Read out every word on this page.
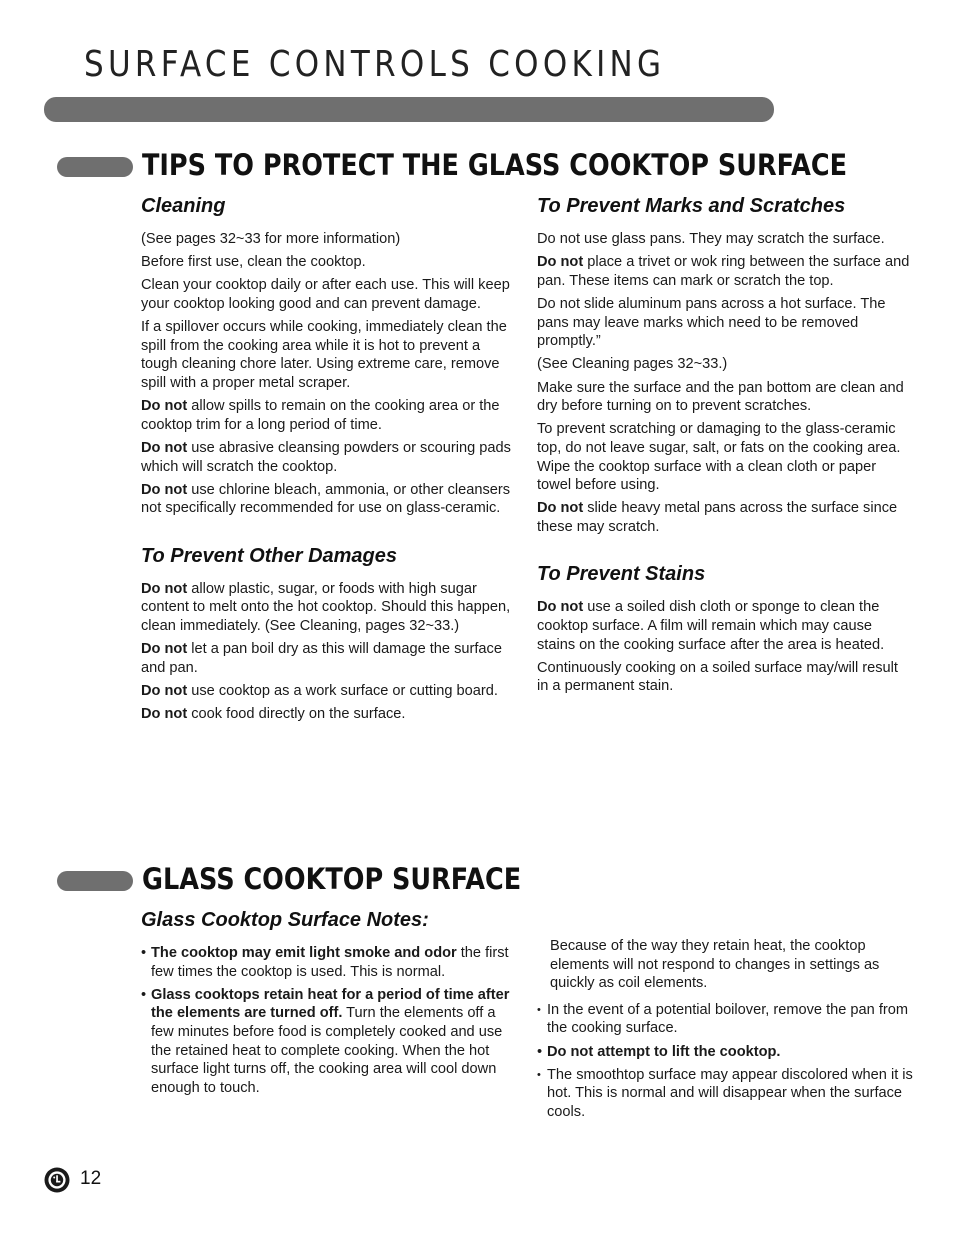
SURFACE CONTROLS COOKING
TIPS TO PROTECT THE GLASS COOKTOP SURFACE
Cleaning

(See pages 32~33 for more information)

Before first use, clean the cooktop.

Clean your cooktop daily or after each use. This will keep your cooktop looking good and can prevent damage.

If a spillover occurs while cooking, immediately clean the spill from the cooking area while it is hot to prevent a tough cleaning chore later. Using extreme care, remove spill with a proper metal scraper.

Do not allow spills to remain on the cooking area or the cooktop trim for a long period of time.

Do not use abrasive cleansing powders or scouring pads which will scratch the cooktop.

Do not use chlorine bleach, ammonia, or other cleansers not specifically recommended for use on glass-ceramic.

To Prevent Other Damages

Do not allow plastic, sugar, or foods with high sugar content to melt onto the hot cooktop. Should this happen, clean immediately. (See Cleaning, pages 32~33.)

Do not let a pan boil dry as this will damage the surface and pan.

Do not use cooktop as a work surface or cutting board.

Do not cook food directly on the surface.

To Prevent Marks and Scratches

Do not use glass pans. They may scratch the surface.

Do not place a trivet or wok ring between the surface and pan. These items can mark or scratch the top.

Do not slide aluminum pans across a hot surface. The pans may leave marks which need to be removed promptly.”

(See Cleaning pages 32~33.)

Make sure the surface and the pan bottom are clean and dry before turning on to prevent scratches.

To prevent scratching or damaging to the glass-ceramic top, do not leave sugar, salt, or fats on the cooking area. Wipe the cooktop surface with a clean cloth or paper towel before using.

Do not slide heavy metal pans across the surface since these may scratch.

To Prevent Stains

Do not use a soiled dish cloth or sponge to clean the cooktop surface. A film will remain which may cause stains on the cooking surface after the area is heated.

Continuously cooking on a soiled surface may/will result in a permanent stain.

GLASS COOKTOP SURFACE
Glass Cooktop Surface Notes:
• The cooktop may emit light smoke and odor the first few times the cooktop is used. This is normal.
• Glass cooktops retain heat for a period of time after the elements are turned off. Turn the elements off a few minutes before food is completely cooked and use the retained heat to complete cooking. When the hot surface light turns off, the cooking area will cool down enough to touch.

Because of the way they retain heat, the cooktop elements will not respond to changes in settings as quickly as coil elements.

• In the event of a potential boilover, remove the pan from the cooking surface.
• Do not attempt to lift the cooktop.
• The smoothtop surface may appear discolored when it is hot. This is normal and will disappear when the surface cools.
12
